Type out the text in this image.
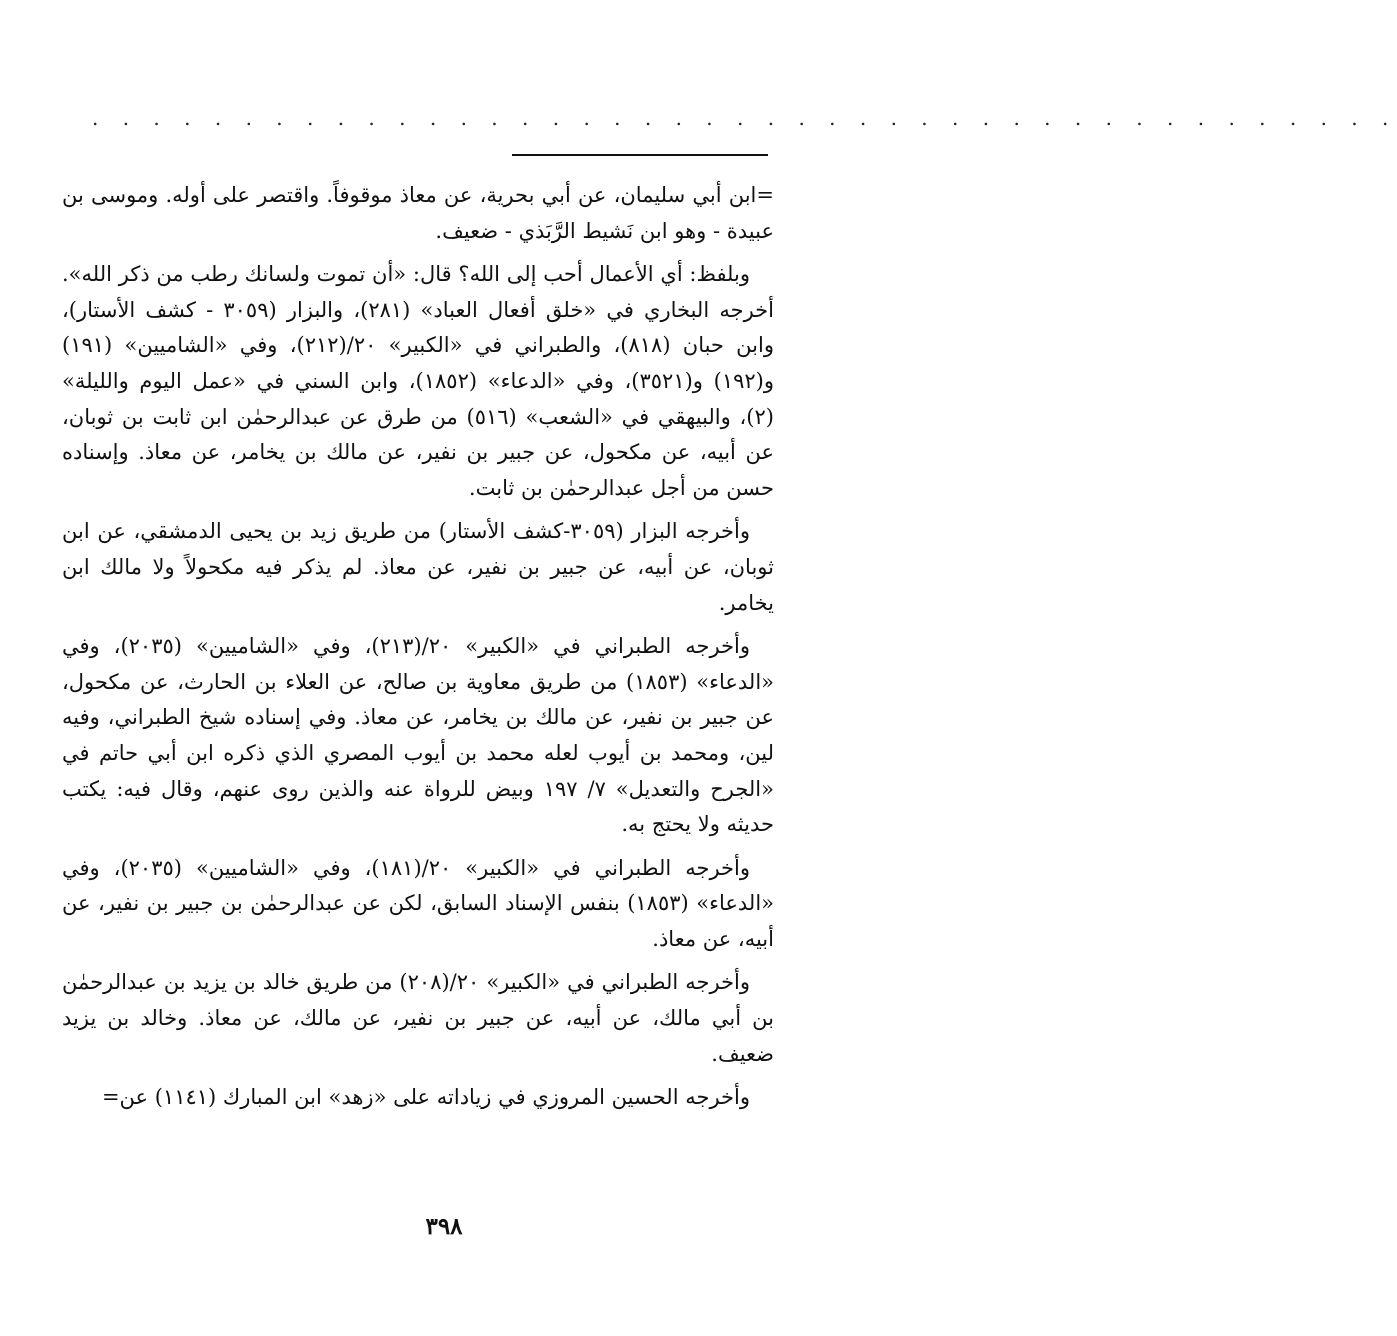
. . . . . . . . . . . . . . . . . . . . . . . . . . . . . . . . . . . . . . . . . . .

=ابن أبي سليمان، عن أبي بحرية، عن معاذ موقوفاً. واقتصر على أوله. وموسى بن عبيدة - وهو ابن نَشيط الرَّبَذي - ضعيف.

وبلفظ: أي الأعمال أحب إلى الله؟ قال: «أن تموت ولسانك رطب من ذكر الله». أخرجه البخاري في «خلق أفعال العباد» (٢٨١)، والبزار (٣٠٥٩ - كشف الأستار)، وابن حبان (٨١٨)، والطبراني في «الكبير» ٢٠/(٢١٢)، وفي «الشاميين» (١٩١) و(١٩٢) و(٣٥٢١)، وفي «الدعاء» (١٨٥٢)، وابن السني في «عمل اليوم والليلة» (٢)، والبيهقي في «الشعب» (٥١٦) من طرق عن عبدالرحمٰن ابن ثابت بن ثوبان، عن أبيه، عن مكحول، عن جبير بن نفير، عن مالك بن يخامر، عن معاذ. وإسناده حسن من أجل عبدالرحمٰن بن ثابت.

وأخرجه البزار (٣٠٥٩-كشف الأستار) من طريق زيد بن يحيى الدمشقي، عن ابن ثوبان، عن أبيه، عن جبير بن نفير، عن معاذ. لم يذكر فيه مكحولاً ولا مالك ابن يخامر.

وأخرجه الطبراني في «الكبير» ٢٠/(٢١٣)، وفي «الشاميين» (٢٠٣٥)، وفي «الدعاء» (١٨٥٣) من طريق معاوية بن صالح، عن العلاء بن الحارث، عن مكحول، عن جبير بن نفير، عن مالك بن يخامر، عن معاذ. وفي إسناده شيخ الطبراني، وفيه لين، ومحمد بن أيوب لعله محمد بن أيوب المصري الذي ذكره ابن أبي حاتم في «الجرح والتعديل» ٧/ ١٩٧ وبيض للرواة عنه والذين روى عنهم، وقال فيه: يكتب حديثه ولا يحتج به.

وأخرجه الطبراني في «الكبير» ٢٠/(١٨١)، وفي «الشاميين» (٢٠٣٥)، وفي «الدعاء» (١٨٥٣) بنفس الإسناد السابق، لكن عن عبدالرحمٰن بن جبير بن نفير، عن أبيه، عن معاذ.

وأخرجه الطبراني في «الكبير» ٢٠/(٢٠٨) من طريق خالد بن يزيد بن عبدالرحمٰن بن أبي مالك، عن أبيه، عن جبير بن نفير، عن مالك، عن معاذ. وخالد بن يزيد ضعيف.

وأخرجه الحسين المروزي في زياداته على «زهد» ابن المبارك (١١٤١) عن=

٣٩٨
